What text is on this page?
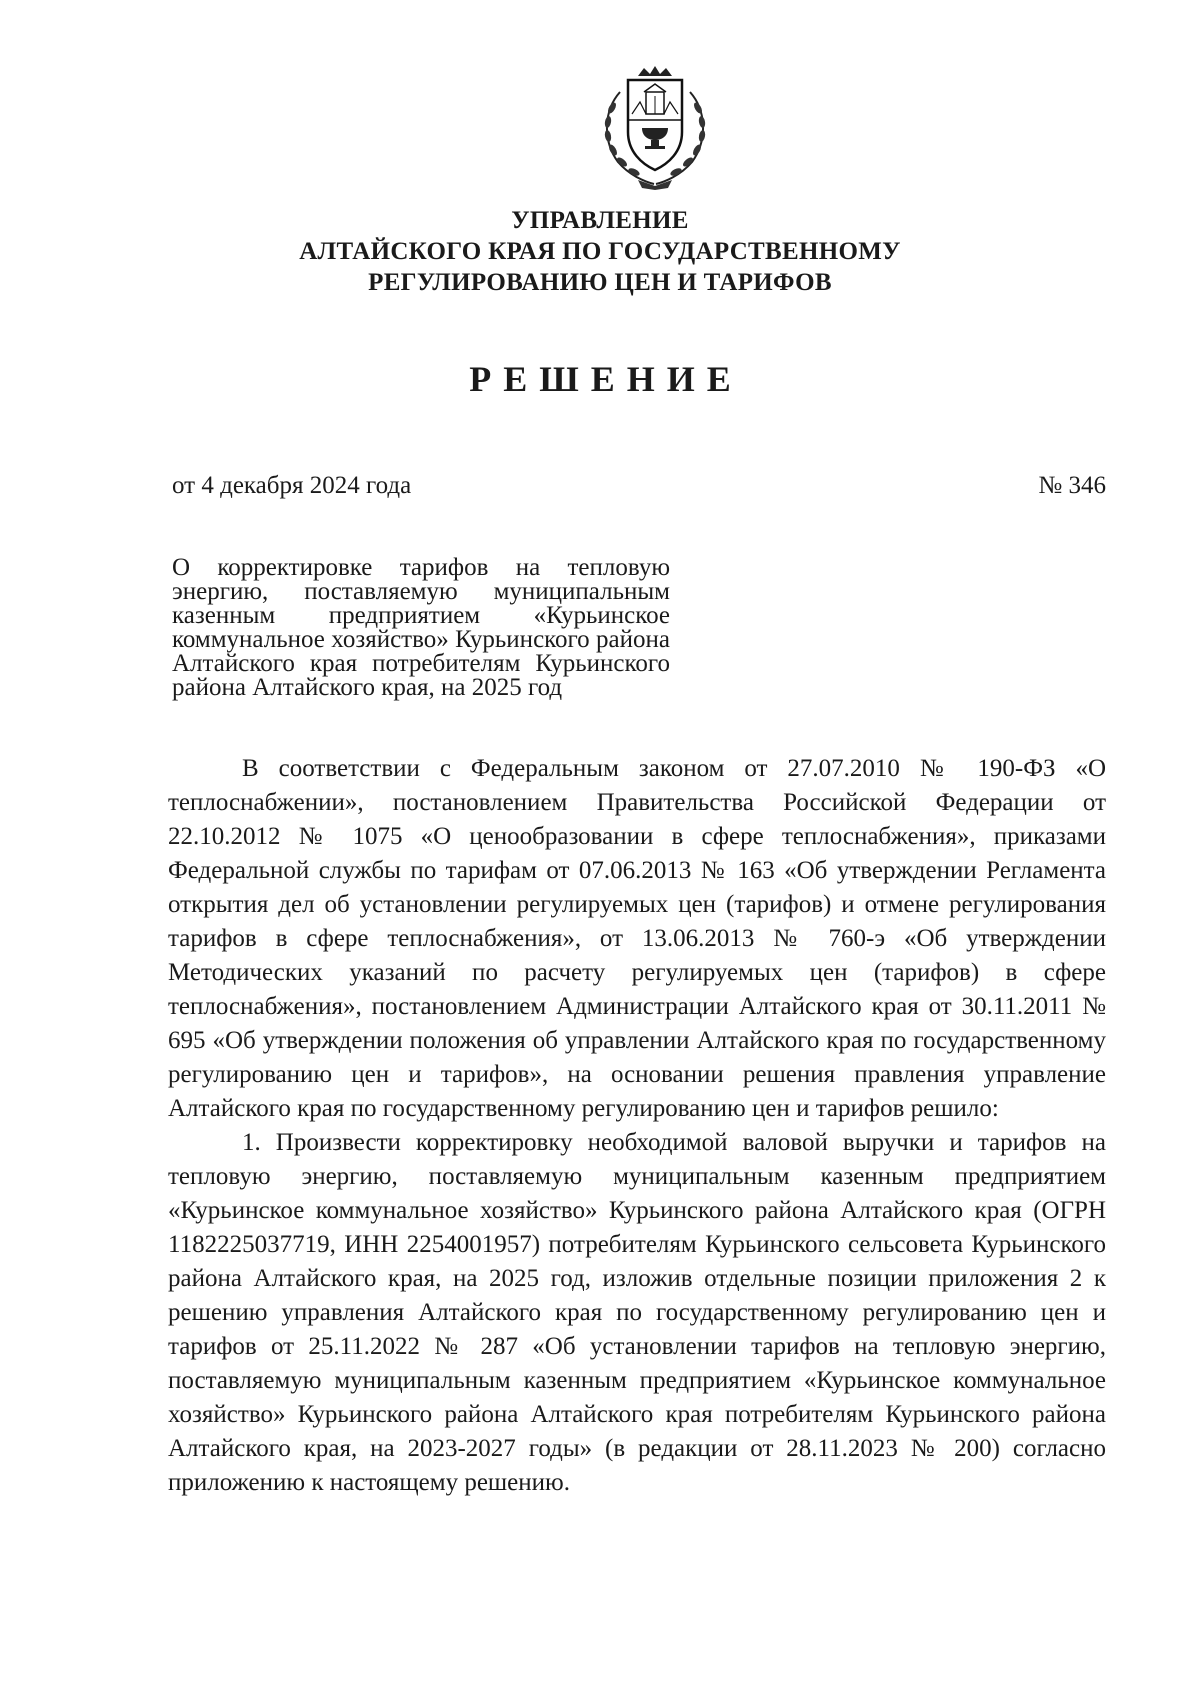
УПРАВЛЕНИЕ
АЛТАЙСКОГО КРАЯ ПО ГОСУДАРСТВЕННОМУ
РЕГУЛИРОВАНИЮ ЦЕН И ТАРИФОВ
РЕШЕНИЕ
от 4 декабря 2024 года	№ 346
О корректировке тарифов на тепловую энергию, поставляемую муниципальным казенным предприятием «Курьинское коммунальное хозяйство» Курьинского района Алтайского края потребителям Курьинского района Алтайского края, на 2025 год

В соответствии с Федеральным законом от 27.07.2010 № 190-ФЗ «О теплоснабжении», постановлением Правительства Российской Федерации от 22.10.2012 № 1075 «О ценообразовании в сфере теплоснабжения», приказами Федеральной службы по тарифам от 07.06.2013 № 163 «Об утверждении Регламента открытия дел об установлении регулируемых цен (тарифов) и отмене регулирования тарифов в сфере теплоснабжения», от 13.06.2013 № 760-э «Об утверждении Методических указаний по расчету регулируемых цен (тарифов) в сфере теплоснабжения», постановлением Администрации Алтайского края от 30.11.2011 № 695 «Об утверждении положения об управлении Алтайского края по государственному регулированию цен и тарифов», на основании решения правления управление Алтайского края по государственному регулированию цен и тарифов решило:

1. Произвести корректировку необходимой валовой выручки и тарифов на тепловую энергию, поставляемую муниципальным казенным предприятием «Курьинское коммунальное хозяйство» Курьинского района Алтайского края (ОГРН 1182225037719, ИНН 2254001957) потребителям Курьинского сельсовета Курьинского района Алтайского края, на 2025 год, изложив отдельные позиции приложения 2 к решению управления Алтайского края по государственному регулированию цен и тарифов от 25.11.2022 № 287 «Об установлении тарифов на тепловую энергию, поставляемую муниципальным казенным предприятием «Курьинское коммунальное хозяйство» Курьинского района Алтайского края потребителям Курьинского района Алтайского края, на 2023-2027 годы» (в редакции от 28.11.2023 № 200) согласно приложению к настоящему решению.
